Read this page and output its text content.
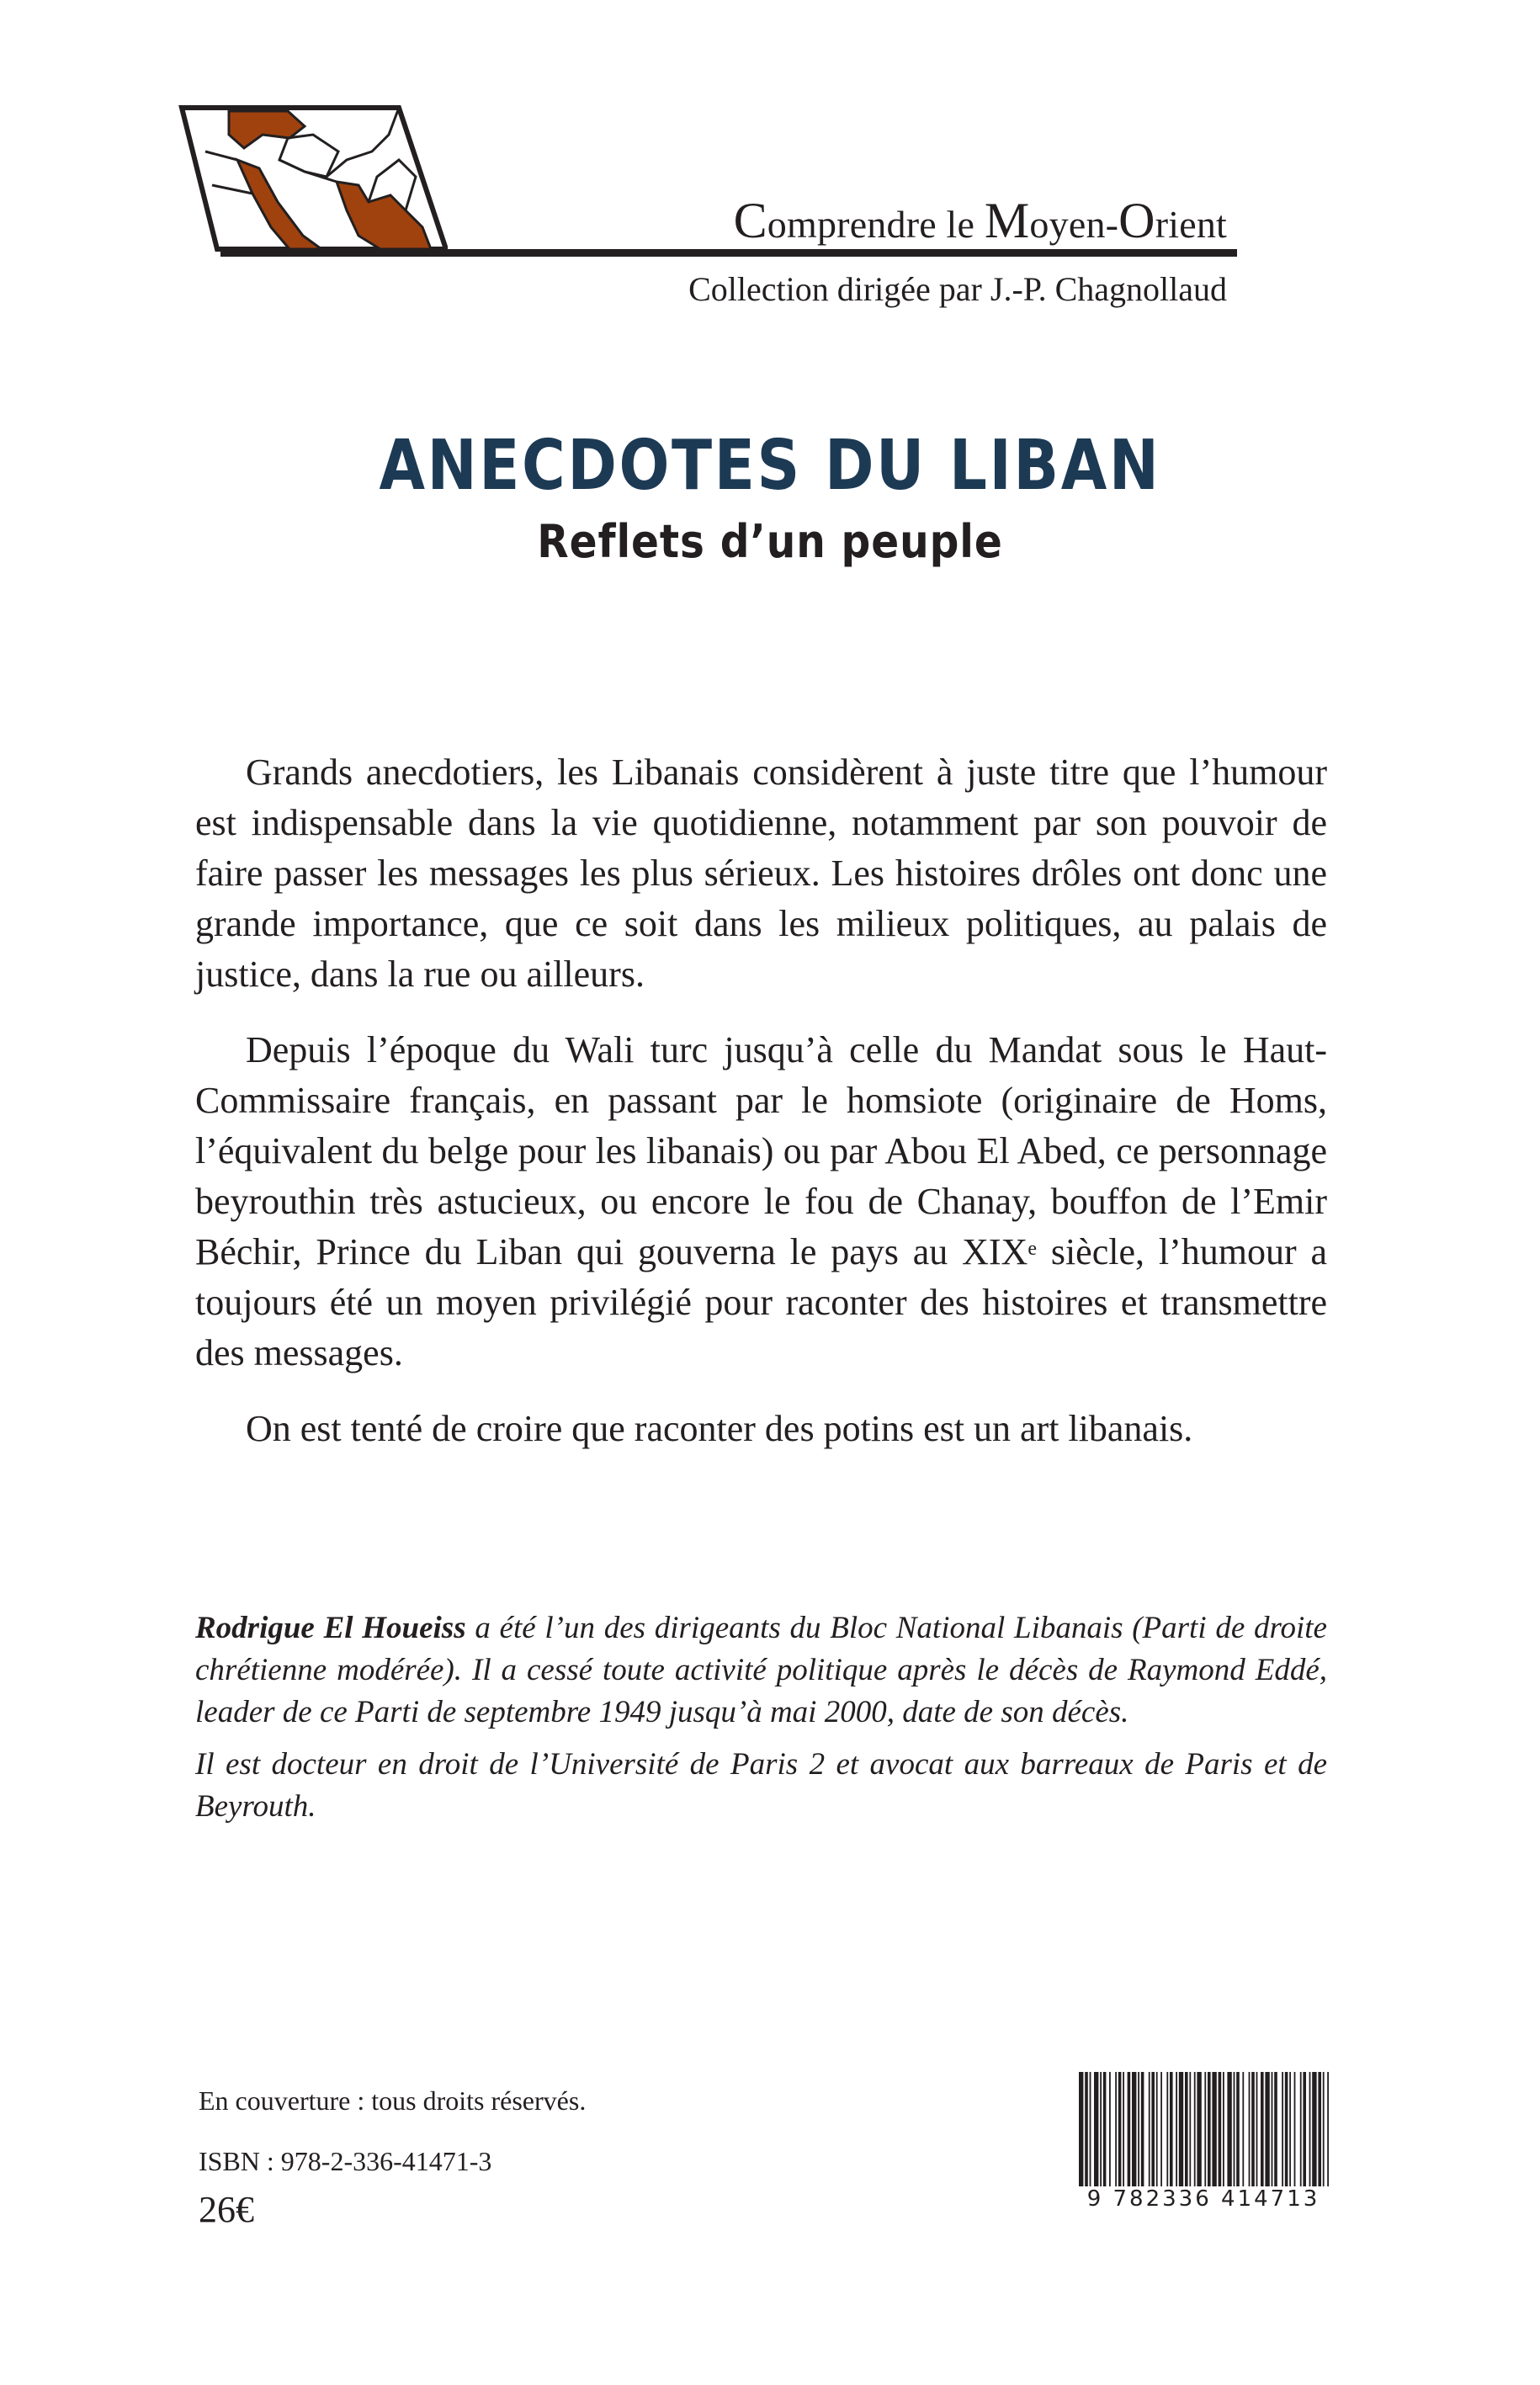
Comprendre le Moyen-Orient
Collection dirigée par J.-P. Chagnollaud
ANECDOTES DU LIBAN
Reflets d’un peuple

Grands anecdotiers, les Libanais considèrent à juste titre que l’humour est indispensable dans la vie quotidienne, notamment par son pouvoir de faire passer les messages les plus sérieux. Les histoires drôles ont donc une grande importance, que ce soit dans les milieux politiques, au palais de justice, dans la rue ou ailleurs.

Depuis l’époque du Wali turc jusqu’à celle du Mandat sous le Haut-Commissaire français, en passant par le homsiote (originaire de Homs, l’équivalent du belge pour les libanais) ou par Abou El Abed, ce personnage beyrouthin très astucieux, ou encore le fou de Chanay, bouffon de l’Emir Béchir, Prince du Liban qui gouverna le pays au XIXe siècle, l’humour a toujours été un moyen privilégié pour raconter des histoires et transmettre des messages.

On est tenté de croire que raconter des potins est un art libanais.

Rodrigue El Houeiss a été l’un des dirigeants du Bloc National Libanais (Parti de droite chrétienne modérée). Il a cessé toute activité politique après le décès de Raymond Eddé, leader de ce Parti de septembre 1949 jusqu’à mai 2000, date de son décès.

Il est docteur en droit de l’Université de Paris 2 et avocat aux barreaux de Paris et de Beyrouth.

En couverture : tous droits réservés.
ISBN : 978-2-336-41471-3
26€	9 782336 414713
